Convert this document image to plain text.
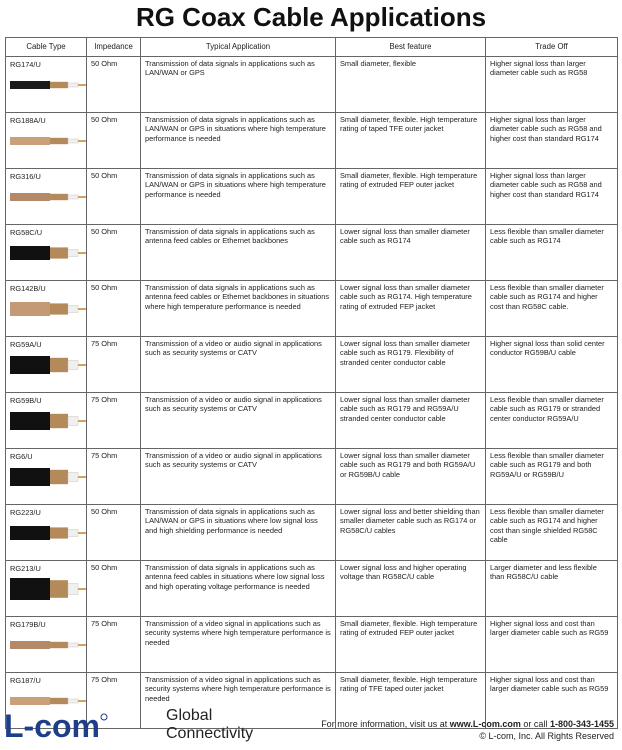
RG Coax Cable Applications
Cable Type	Impedance	Typical Application	Best feature	Trade Off

RG174/U	50 Ohm	Transmission of data signals in applications such as LAN/WAN or GPS	Small diameter, flexible	Higher signal loss than larger diameter cable such as RG58

RG188A/U	50 Ohm	Transmission of data signals in applications such as LAN/WAN or GPS in situations where high temperature performance is needed	Small diameter, flexible. High temperature rating of taped TFE outer jacket	Higher signal loss than larger diameter cable such as RG58 and higher cost than standard RG174

RG316/U	50 Ohm	Transmission of data signals in applications such as LAN/WAN or GPS in situations where high temperature performance is needed	Small diameter, flexible. High temperature rating of extruded FEP outer jacket	Higher signal loss than larger diameter cable such as RG58 and higher cost than standard RG174

RG58C/U	50 Ohm	Transmission of data signals in applications such as antenna feed cables or Ethernet backbones	Lower signal loss than smaller diameter cable such as RG174	Less flexible than smaller diameter cable such as RG174

RG142B/U	50 Ohm	Transmission of data signals in applications such as antenna feed cables or Ethernet backbones in situations where high temperature performance is needed	Lower signal loss than smaller diameter cable such as RG174. High temperature rating of extruded FEP jacket	Less flexible than smaller diameter cable such as RG174 and higher cost than RG58C cable.

RG59A/U	75 Ohm	Transmission of a video or audio signal in applications such as security systems or CATV	Lower signal loss than smaller diameter cable such as RG179. Flexibility of stranded center conductor cable	Higher signal loss than solid center conductor RG59B/U cable

RG59B/U	75 Ohm	Transmission of a video or audio signal in applications such as security systems or CATV	Lower signal loss than smaller diameter cable such as RG179 and RG59A/U stranded center conductor cable	Less flexible than smaller diameter cable such as RG179 or stranded center conductor RG59A/U

RG6/U	75 Ohm	Transmission of a video or audio signal in applications such as security systems or CATV	Lower signal loss than smaller diameter cable such as RG179 and both RG59A/U or RG59B/U cable	Less flexible than smaller diameter cable such as RG179 and both RG59A/U or RG59B/U

RG223/U	50 Ohm	Transmission of data signals in applications such as LAN/WAN or GPS in situations where low signal loss and high shielding performance is needed	Lower signal loss and better shielding than smaller diameter cable such as RG174 or RG58C/U cables	Less flexible than smaller diameter cable such as RG174 and higher cost than single shielded RG58C cable

RG213/U	50 Ohm	Transmission of data signals in applications such as antenna feed cables in situations where low signal loss and high operating voltage performance is needed	Lower signal loss and higher operating voltage than RG58C/U cable	Larger diameter and less flexible than RG58C/U cable

RG179B/U	75 Ohm	Transmission of a video signal in applications such as security systems where high temperature performance is needed	Small diameter, flexible. High temperature rating of extruded FEP outer jacket	Higher signal loss and cost than larger diameter cable such as RG59

RG187/U	75 Ohm	Transmission of a video signal in applications such as security systems where high temperature performance is needed	Small diameter, flexible. High temperature rating of TFE taped outer jacket	Higher signal loss and cost than larger diameter cable such as RG59
L-com	Global
Connectivity
For more information, visit us at www.L-com.com or call 1-800-343-1455
© L-com, Inc. All Rights Reserved
